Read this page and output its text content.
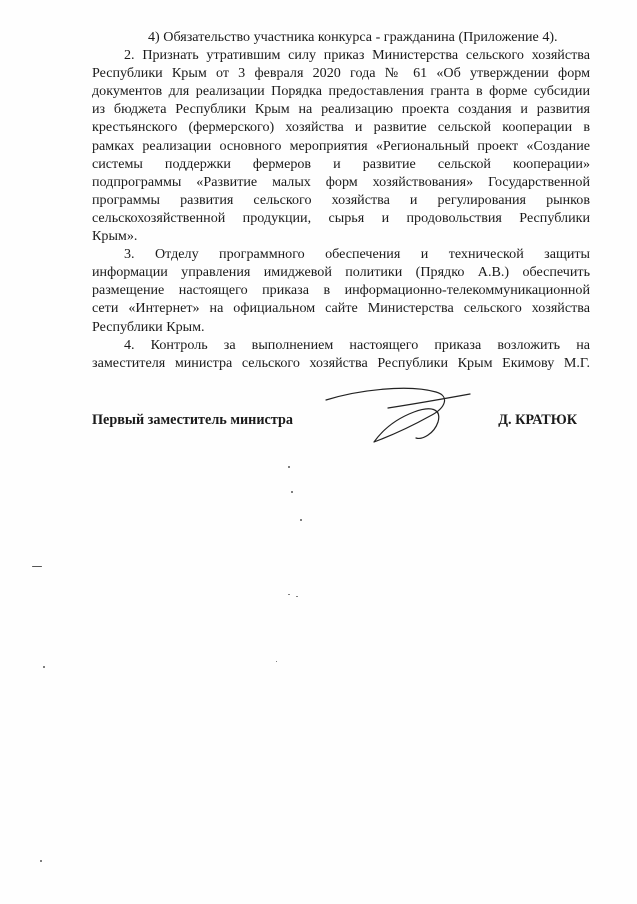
4) Обязательство участника конкурса - гражданина (Приложение 4).
2. Признать утратившим силу приказ Министерства сельского хозяйства
Республики Крым от 3 февраля 2020 года № 61 «Об утверждении форм
документов для реализации Порядка предоставления гранта в форме субсидии
из бюджета Республики Крым на реализацию проекта создания и развития
крестьянского (фермерского) хозяйства и развитие сельской кооперации в
рамках реализации основного мероприятия «Региональный проект «Создание
системы поддержки фермеров и развитие сельской кооперации»
подпрограммы «Развитие малых форм хозяйствования» Государственной
программы развития сельского хозяйства и регулирования рынков
сельскохозяйственной продукции, сырья и продовольствия Республики
Крым».
3. Отделу программного обеспечения и технической защиты
информации управления имиджевой политики (Прядко А.В.) обеспечить
размещение настоящего приказа в информационно-телекоммуникационной
сети «Интернет» на официальном сайте Министерства сельского хозяйства
Республики Крым.
4. Контроль за выполнением настоящего приказа возложить на
заместителя министра сельского хозяйства Республики Крым Екимову М.Г.
Первый заместитель министра	Д. КРАТЮК
